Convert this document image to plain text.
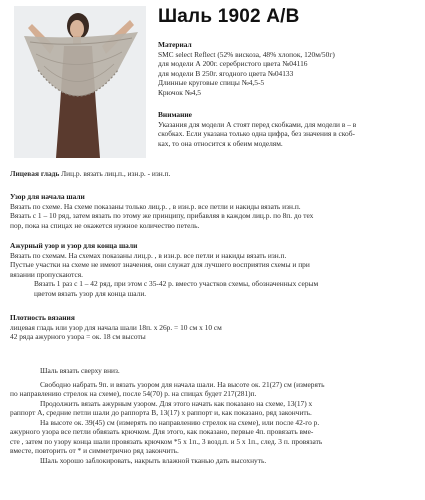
Шаль 1902 А/В
Материал
SMC select Reflect (52% вискоза, 48% хлопок, 120м/50г)
для модели А 200г. серебристого цвета №04116
для модели В 250г. ягодного цвета №04133
Длинные круговые спицы №4,5-5
Крючок №4,5
Внимание
Указания для модели А стоят перед скобками, для модели в – в
скобках. Если указана только одна цифра, без значения в скоб-
ках, то она относится к обеим моделям.
Лицевая гладь Лиц.р. вязать лиц.п., изн.р. - изн.п.
Узор для начала шали
Вязать по схеме. На схеме показаны только лиц.р. , в изн.р. все петли и накиды вязать изн.п.
Вязать с 1 – 10 ряд, затем вязать по этому же принципу, прибавляя в каждом лиц.р. по 8п. до тех
пор, пока на спицах не окажется нужное количество петель.
Ажурный узор и узор для конца шали
Вязать по схемам. На схемах показаны лиц.р. , в изн.р. все петли и накиды вязать изн.п.
Пустые участки на схеме не имеют значения, они служат для лучшего восприятия схемы и при
вязании пропускаются.
Вязать 1 раз с 1 – 42 ряд, при этом с 35-42 р. вместо участков схемы, обозначенных серым
цветом вязать узор для конца шали.
Плотность вязания
лицевая гладь или узор для начала шали 18п. х 26р. = 10 см х 10 см
42 ряда ажурного узора = ок. 18 см высоты
Шаль вязать сверху вниз.
Свободно набрать 9п. и вязать узором для начала шали. На высоте ок. 21(27) см (измерять
по направлению стрелок на схеме), после 54(70) р. на спицах будет 217(281)п.
Продолжить вязать ажурным узором. Для этого начать как показано на схеме, 13(17) х
раппорт А, средние петли шали до раппорта В, 13(17) х раппорт и, как показано, ряд закончить.
На высоте ок. 39(45) см (измерять по направлению стрелок на схеме), или после 42-го р.
ажурного узора все петли обвязать крючком. Для этого, как показано, первые 4п. провязать вме-
сте , затем по узору конца шали провязать крючком *5 х 1п., 3 возд.п. и 5 х 1п., след. 3 п. провязать
вместе, повторить от * и симметрично ряд закончить.
Шаль хорошо заблокировать, накрыть влажной тканью дать высохнуть.
